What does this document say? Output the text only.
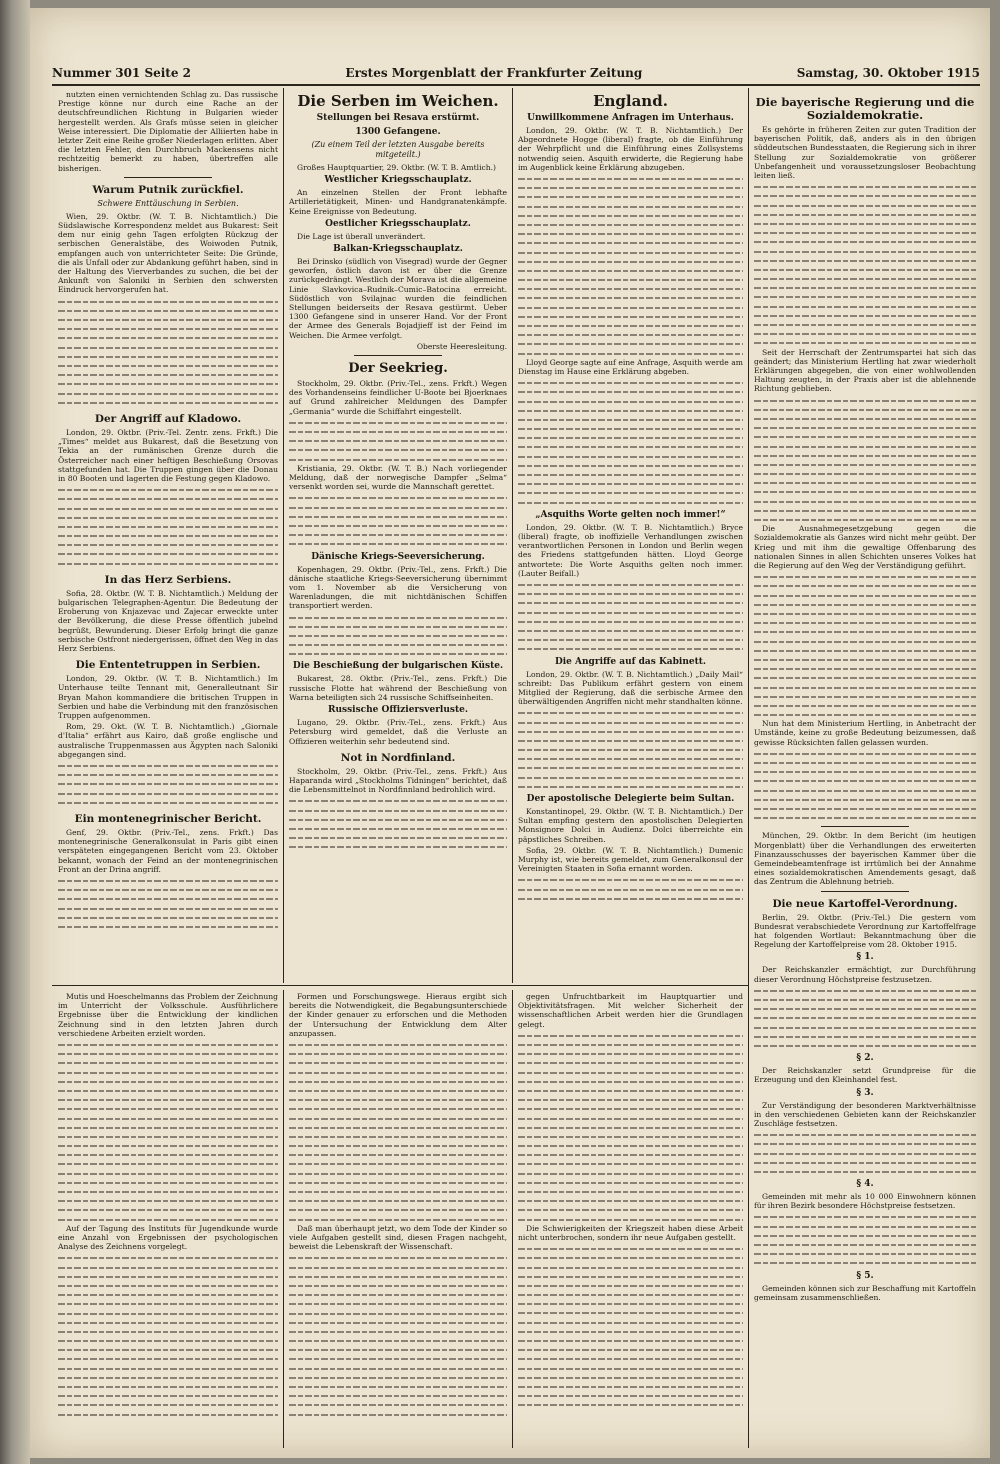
Nummer 301 Seite 2	Erstes Morgenblatt der Frankfurter Zeitung	Samstag, 30. Oktober 1915

nutzten einen vernichtenden Schlag zu. Das russische Prestige könne nur durch eine Rache an der deutschfreundlichen Richtung in Bulgarien wieder hergestellt werden. Als Grafs müsse seien in gleicher Weise interessiert. Die Diplomatie der Alliierten habe in letzter Zeit eine Reihe großer Niederlagen erlitten. Aber die letzten Fehler, den Durchbruch Mackensens nicht rechtzeitig bemerkt zu haben, übertreffen alle bisherigen.

Warum Putnik zurückfiel.
Schwere Enttäuschung in Serbien.

Wien, 29. Oktbr. (W. T. B. Nichtamtlich.) Die Südslawische Korrespondenz meldet aus Bukarest: Seit dem nur einig gehn Tagen erfolgten Rückzug der serbischen Generalstäbe, des Woiwoden Putnik, empfangen auch von unterrichteter Seite: Die Gründe, die als Unfall oder zur Abdankung geführt haben, sind in der Haltung des Vierverbandes zu suchen, die bei der Ankunft von Saloniki in Serbien den schwersten Eindruck hervorgerufen hat.

Der Angriff auf Kladowo.

London, 29. Oktbr. (Priv.-Tel. Zentr. zens. Frkft.) Die „Times“ meldet aus Bukarest, daß die Besetzung von Tekia an der rumänischen Grenze durch die Österreicher nach einer heftigen Beschießung Orsovas stattgefunden hat. Die Truppen gingen über die Donau in 80 Booten und lagerten die Festung gegen Kladowo.

In das Herz Serbiens.

Sofia, 28. Oktbr. (W. T. B. Nichtamtlich.) Meldung der bulgarischen Telegraphen-Agentur. Die Bedeutung der Eroberung von Knjazevac und Zajecar erweckte unter der Bevölkerung, die diese Presse öffentlich jubelnd begrüßt, Bewunderung. Dieser Erfolg bringt die ganze serbische Ostfront niedergerissen, öffnet den Weg in das Herz Serbiens.

Die Ententetruppen in Serbien.

London, 29. Oktbr. (W. T. B. Nichtamtlich.) Im Unterhause teilte Tennant mit, Generalleutnant Sir Bryan Mahon kommandiere die britischen Truppen in Serbien und habe die Verbindung mit den französischen Truppen aufgenommen.

Rom, 29. Okt. (W. T. B. Nichtamtlich.) „Giornale d'Italia“ erfährt aus Kairo, daß große englische und australische Truppenmassen aus Ägypten nach Saloniki abgegangen sind.

Ein montenegrinischer Bericht.

Genf, 29. Oktbr. (Priv.-Tel., zens. Frkft.) Das montenegrinische Generalkonsulat in Paris gibt einen verspäteten eingegangenen Bericht vom 23. Oktober bekannt, wonach der Feind an der montenegrinischen Front an der Drina angriff.

Die Serben im Weichen.
Stellungen bei Resava erstürmt.
1300 Gefangene.
(Zu einem Teil der letzten Ausgabe bereits mitgeteilt.)

Großes Hauptquartier, 29. Oktbr. (W. T. B. Amtlich.)

Westlicher Kriegsschauplatz.

An einzelnen Stellen der Front lebhafte Artillerietätigkeit, Minen- und Handgranatenkämpfe. Keine Ereignisse von Bedeutung.

Oestlicher Kriegsschauplatz.

Die Lage ist überall unverändert.

Balkan-Kriegsschauplatz.

Bei Drinsko (südlich von Visegrad) wurde der Gegner geworfen, östlich davon ist er über die Grenze zurückgedrängt. Westlich der Morava ist die allgemeine Linie Slavkovica–Rudnik–Cumic–Batocina erreicht. Südöstlich von Svilajnac wurden die feindlichen Stellungen beiderseits der Resava gestürmt. Ueber 1300 Gefangene sind in unserer Hand. Vor der Front der Armee des Generals Bojadjieff ist der Feind im Weichen. Die Armee verfolgt.

Oberste Heeresleitung.

Der Seekrieg.

Stockholm, 29. Oktbr. (Priv.-Tel., zens. Frkft.) Wegen des Vorhandenseins feindlicher U-Boote bei Bjoerknaes auf Grund zahlreicher Meldungen des Dampfer „Germania“ wurde die Schiffahrt eingestellt.

Kristiania, 29. Oktbr. (W. T. B.) Nach vorliegender Meldung, daß der norwegische Dampfer „Selma“ versenkt worden sei, wurde die Mannschaft gerettet.

Dänische Kriegs-Seeversicherung.

Kopenhagen, 29. Oktbr. (Priv.-Tel., zens. Frkft.) Die dänische staatliche Kriegs-Seeversicherung übernimmt vom 1. November ab die Versicherung von Warenladungen, die mit nichtdänischen Schiffen transportiert werden.

Die Beschießung der bulgarischen Küste.

Bukarest, 28. Oktbr. (Priv.-Tel., zens. Frkft.) Die russische Flotte hat während der Beschießung von Warna beteiligten sich 24 russische Schiffseinheiten.

Russische Offiziersverluste.

Lugano, 29. Oktbr. (Priv.-Tel., zens. Frkft.) Aus Petersburg wird gemeldet, daß die Verluste an Offizieren weiterhin sehr bedeutend sind.

Not in Nordfinland.

Stockholm, 29. Oktbr. (Priv.-Tel., zens. Frkft.) Aus Haparanda wird „Stockholms Tidningen“ berichtet, daß die Lebensmittelnot in Nordfinnland bedrohlich wird.

England.
Unwillkommene Anfragen im Unterhaus.

London, 29. Oktbr. (W. T. B. Nichtamtlich.) Der Abgeordnete Hogge (liberal) fragte, ob die Einführung der Wehrpflicht und die Einführung eines Zollsystems notwendig seien. Asquith erwiderte, die Regierung habe im Augenblick keine Erklärung abzugeben.

Lloyd George sagte auf eine Anfrage, Asquith werde am Dienstag im Hause eine Erklärung abgeben.

„Asquiths Worte gelten noch immer!“

London, 29. Oktbr. (W. T. B. Nichtamtlich.) Bryce (liberal) fragte, ob inoffizielle Verhandlungen zwischen verantwortlichen Personen in London und Berlin wegen des Friedens stattgefunden hätten. Lloyd George antwortete: Die Worte Asquiths gelten noch immer. (Lauter Beifall.)

Die Angriffe auf das Kabinett.

London, 29. Oktbr. (W. T. B. Nichtamtlich.) „Daily Mail“ schreibt: Das Publikum erfährt gestern von einem Mitglied der Regierung, daß die serbische Armee den überwältigenden Angriffen nicht mehr standhalten könne.

Der apostolische Delegierte beim Sultan.

Konstantinopel, 29. Oktbr. (W. T. B. Nichtamtlich.) Der Sultan empfing gestern den apostolischen Delegierten Monsignore Dolci in Audienz. Dolci überreichte ein päpstliches Schreiben.

Sofia, 29. Oktbr. (W. T. B. Nichtamtlich.) Dumenic Murphy ist, wie bereits gemeldet, zum Generalkonsul der Vereinigten Staaten in Sofia ernannt worden.

Die bayerische Regierung und die Sozialdemokratie.

Es gehörte in früheren Zeiten zur guten Tradition der bayerischen Politik, daß, anders als in den übrigen süddeutschen Bundesstaaten, die Regierung sich in ihrer Stellung zur Sozialdemokratie von größerer Unbefangenheit und voraussetzungsloser Beobachtung leiten ließ.

Seit der Herrschaft der Zentrumspartei hat sich das geändert; das Ministerium Hertling hat zwar wiederholt Erklärungen abgegeben, die von einer wohlwollenden Haltung zeugten, in der Praxis aber ist die ablehnende Richtung geblieben.

Die Ausnahmegesetzgebung gegen die Sozialdemokratie als Ganzes wird nicht mehr geübt. Der Krieg und mit ihm die gewaltige Offenbarung des nationalen Sinnes in allen Schichten unseres Volkes hat die Regierung auf den Weg der Verständigung geführt.

Nun hat dem Ministerium Hertling, in Anbetracht der Umstände, keine zu große Bedeutung beizumessen, daß gewisse Rücksichten fallen gelassen wurden.

München, 29. Oktbr. In dem Bericht (im heutigen Morgenblatt) über die Verhandlungen des erweiterten Finanzausschusses der bayerischen Kammer über die Gemeindebeamtenfrage ist irrtümlich bei der Annahme eines sozialdemokratischen Amendements gesagt, daß das Zentrum die Ablehnung betrieb.

Die neue Kartoffel-Verordnung.

Berlin, 29. Oktbr. (Priv.-Tel.) Die gestern vom Bundesrat verabschiedete Verordnung zur Kartoffelfrage hat folgenden Wortlaut: Bekanntmachung über die Regelung der Kartoffelpreise vom 28. Oktober 1915.

§ 1.

Der Reichskanzler ermächtigt, zur Durchführung dieser Verordnung Höchstpreise festzusetzen.

§ 2.

Der Reichskanzler setzt Grundpreise für die Erzeugung und den Kleinhandel fest.

§ 3.

Zur Verständigung der besonderen Marktverhältnisse in den verschiedenen Gebieten kann der Reichskanzler Zuschläge festsetzen.

§ 4.

Gemeinden mit mehr als 10 000 Einwohnern können für ihren Bezirk besondere Höchstpreise festsetzen.

§ 5.

Gemeinden können sich zur Beschaffung mit Kartoffeln gemeinsam zusammenschließen.

Mutis und Hoeschelmanns das Problem der Zeichnung im Unterricht der Volksschule. Ausführlichere Ergebnisse über die Entwicklung der kindlichen Zeichnung sind in den letzten Jahren durch verschiedene Arbeiten erzielt worden.

Auf der Tagung des Instituts für Jugendkunde wurde eine Anzahl von Ergebnissen der psychologischen Analyse des Zeichnens vorgelegt.

Formen und Forschungswege. Hieraus ergibt sich bereits die Notwendigkeit, die Begabungsunterschiede der Kinder genauer zu erforschen und die Methoden der Untersuchung der Entwicklung dem Alter anzupassen.

Daß man überhaupt jetzt, wo dem Tode der Kinder so viele Aufgaben gestellt sind, diesen Fragen nachgeht, beweist die Lebenskraft der Wissenschaft.

gegen Unfruchtbarkeit im Hauptquartier und Objektivitätsfragen. Mit welcher Sicherheit der wissenschaftlichen Arbeit werden hier die Grundlagen gelegt.

Die Schwierigkeiten der Kriegszeit haben diese Arbeit nicht unterbrochen, sondern ihr neue Aufgaben gestellt.
